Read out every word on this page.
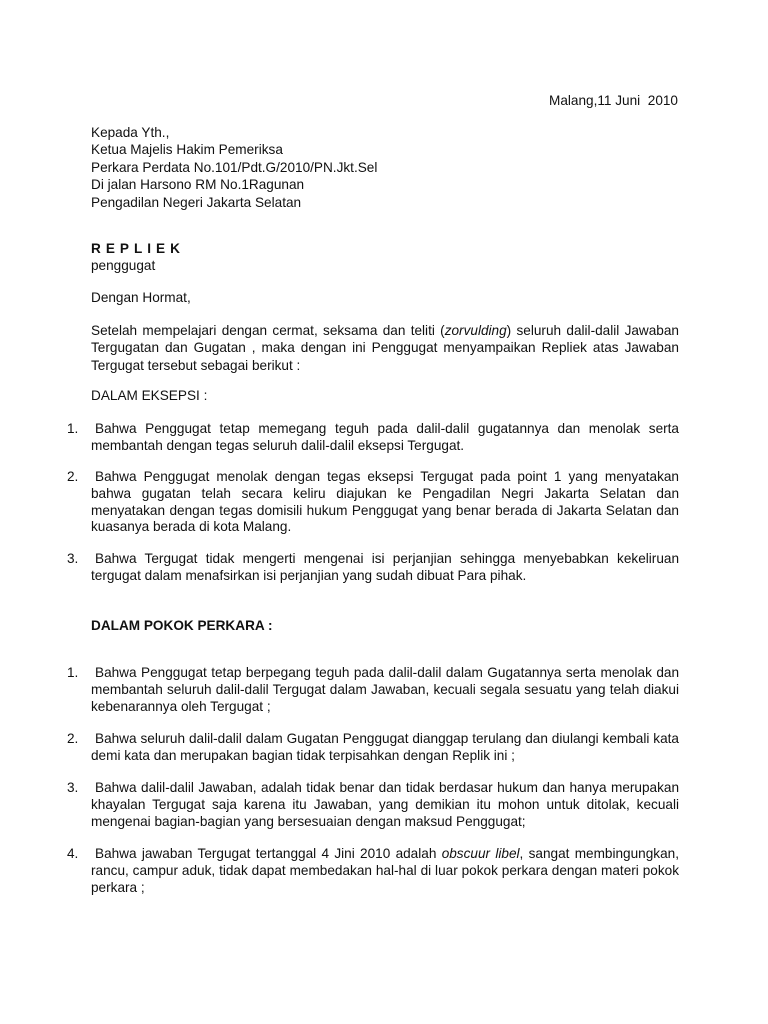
Malang,11 Juni  2010
Kepada Yth.,
Ketua Majelis Hakim Pemeriksa
Perkara Perdata No.101/Pdt.G/2010/PN.Jkt.Sel
Di jalan Harsono RM No.1Ragunan
Pengadilan Negeri Jakarta Selatan
REPLIEK
penggugat
Dengan Hormat,
Setelah mempelajari dengan cermat, seksama dan teliti (zorvulding) seluruh dalil-dalil Jawaban Tergugatan dan Gugatan , maka dengan ini Penggugat menyampaikan Repliek atas Jawaban Tergugat tersebut sebagai berikut :
DALAM EKSEPSI :
1. Bahwa Penggugat tetap memegang teguh pada dalil-dalil gugatannya dan menolak serta membantah dengan tegas seluruh dalil-dalil eksepsi Tergugat.
2. Bahwa Penggugat menolak dengan tegas eksepsi Tergugat pada point 1 yang menyatakan bahwa gugatan telah secara keliru diajukan ke Pengadilan Negri Jakarta Selatan dan menyatakan dengan tegas domisili hukum Penggugat yang benar berada di Jakarta Selatan dan kuasanya berada di kota Malang.
3. Bahwa Tergugat tidak mengerti mengenai isi perjanjian sehingga menyebabkan kekeliruan tergugat dalam menafsirkan isi perjanjian yang sudah dibuat Para pihak.
DALAM POKOK PERKARA :
1. Bahwa Penggugat tetap berpegang teguh pada dalil-dalil dalam Gugatannya serta menolak dan membantah seluruh dalil-dalil Tergugat dalam Jawaban, kecuali segala sesuatu yang telah diakui kebenarannya oleh Tergugat ;
2. Bahwa seluruh dalil-dalil dalam Gugatan Penggugat dianggap terulang dan diulangi kembali kata demi kata dan merupakan bagian tidak terpisahkan dengan Replik ini ;
3. Bahwa dalil-dalil Jawaban, adalah tidak benar dan tidak berdasar hukum dan hanya merupakan khayalan Tergugat saja karena itu Jawaban, yang demikian itu mohon untuk ditolak, kecuali mengenai bagian-bagian yang bersesuaian dengan maksud Penggugat;
4. Bahwa jawaban Tergugat tertanggal 4 Jini 2010 adalah obscuur libel, sangat membingungkan, rancu, campur aduk, tidak dapat membedakan hal-hal di luar pokok perkara dengan materi pokok perkara ;
